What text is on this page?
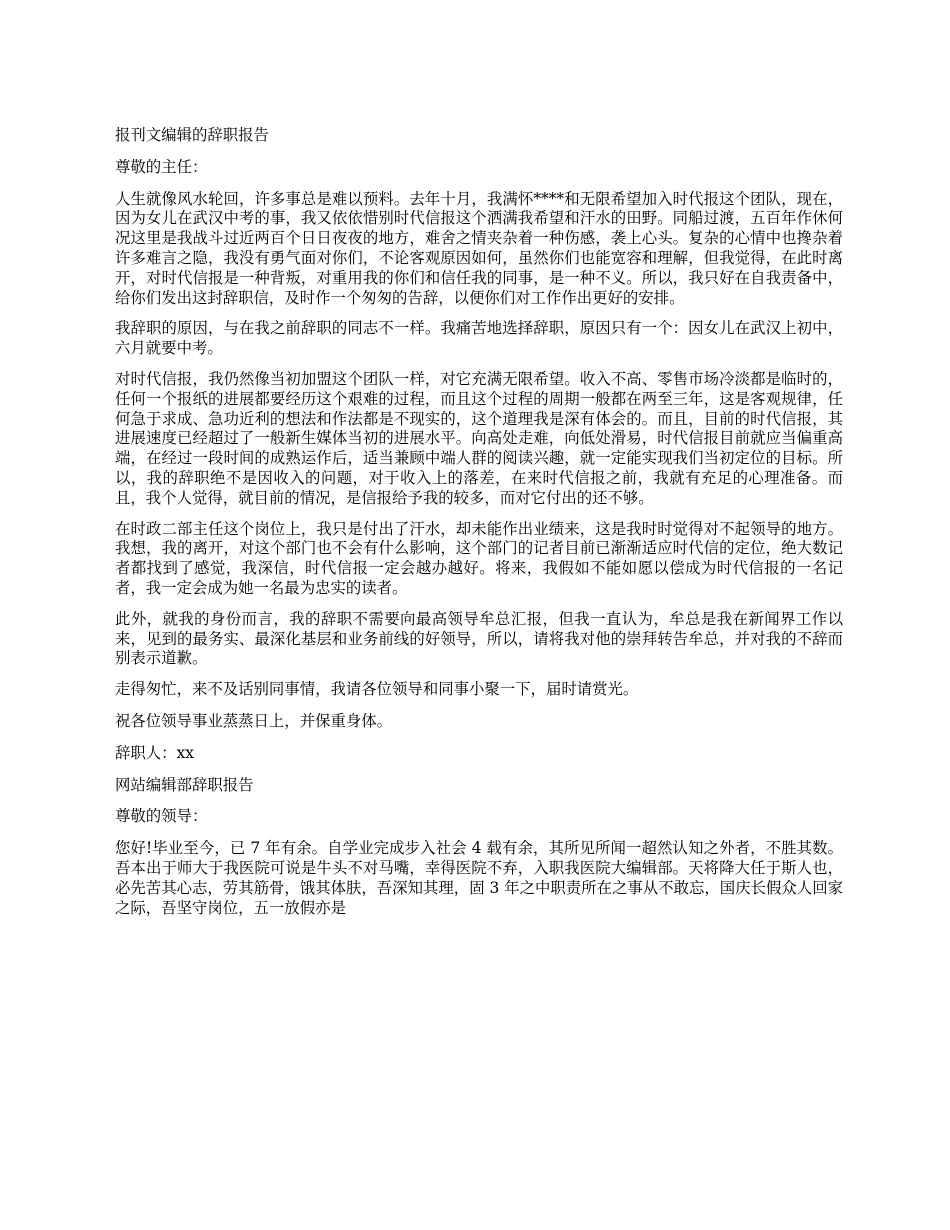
报刊文编辑的辞职报告

尊敬的主任：

人生就像风水轮回，许多事总是难以预料。去年十月，我满怀****和无限希望加入时代报这个团队，现在，因为女儿在武汉中考的事，我又依依惜别时代信报这个洒满我希望和汗水的田野。同船过渡，五百年作休何况这里是我战斗过近两百个日日夜夜的地方，难舍之情夹杂着一种伤感，袭上心头。复杂的心情中也搀杂着许多难言之隐，我没有勇气面对你们，不论客观原因如何，虽然你们也能宽容和理解，但我觉得，在此时离开，对时代信报是一种背叛，对重用我的你们和信任我的同事，是一种不义。所以，我只好在自我责备中，给你们发出这封辞职信，及时作一个匆匆的告辞，以便你们对工作作出更好的安排。

我辞职的原因，与在我之前辞职的同志不一样。我痛苦地选择辞职，原因只有一个：因女儿在武汉上初中，六月就要中考。

对时代信报，我仍然像当初加盟这个团队一样，对它充满无限希望。收入不高、零售市场冷淡都是临时的，任何一个报纸的进展都要经历这个艰难的过程，而且这个过程的周期一般都在两至三年，这是客观规律，任何急于求成、急功近利的想法和作法都是不现实的，这个道理我是深有体会的。而且，目前的时代信报，其进展速度已经超过了一般新生媒体当初的进展水平。向高处走难，向低处滑易，时代信报目前就应当偏重高端，在经过一段时间的成熟运作后，适当兼顾中端人群的阅读兴趣，就一定能实现我们当初定位的目标。所以，我的辞职绝不是因收入的问题，对于收入上的落差，在来时代信报之前，我就有充足的心理准备。而且，我个人觉得，就目前的情况，是信报给予我的较多，而对它付出的还不够。

在时政二部主任这个岗位上，我只是付出了汗水，却未能作出业绩来，这是我时时觉得对不起领导的地方。我想，我的离开，对这个部门也不会有什么影响，这个部门的记者目前已渐渐适应时代信的定位，绝大数记者都找到了感觉，我深信，时代信报一定会越办越好。将来，我假如不能如愿以偿成为时代信报的一名记者，我一定会成为她一名最为忠实的读者。

此外，就我的身份而言，我的辞职不需要向最高领导牟总汇报，但我一直认为，牟总是我在新闻界工作以来，见到的最务实、最深化基层和业务前线的好领导，所以，请将我对他的崇拜转告牟总，并对我的不辞而别表示道歉。

走得匆忙，来不及话别同事情，我请各位领导和同事小聚一下，届时请赏光。

祝各位领导事业蒸蒸日上，并保重身体。

辞职人：xx

网站编辑部辞职报告

尊敬的领导：

您好!毕业至今，已 7 年有余。自学业完成步入社会 4 载有余，其所见所闻一超然认知之外者，不胜其数。吾本出于师大于我医院可说是牛头不对马嘴，幸得医院不弃，入职我医院大编辑部。天将降大任于斯人也，必先苦其心志，劳其筋骨，饿其体肤，吾深知其理，固 3 年之中职责所在之事从不敢忘，国庆长假众人回家之际，吾坚守岗位，五一放假亦是
